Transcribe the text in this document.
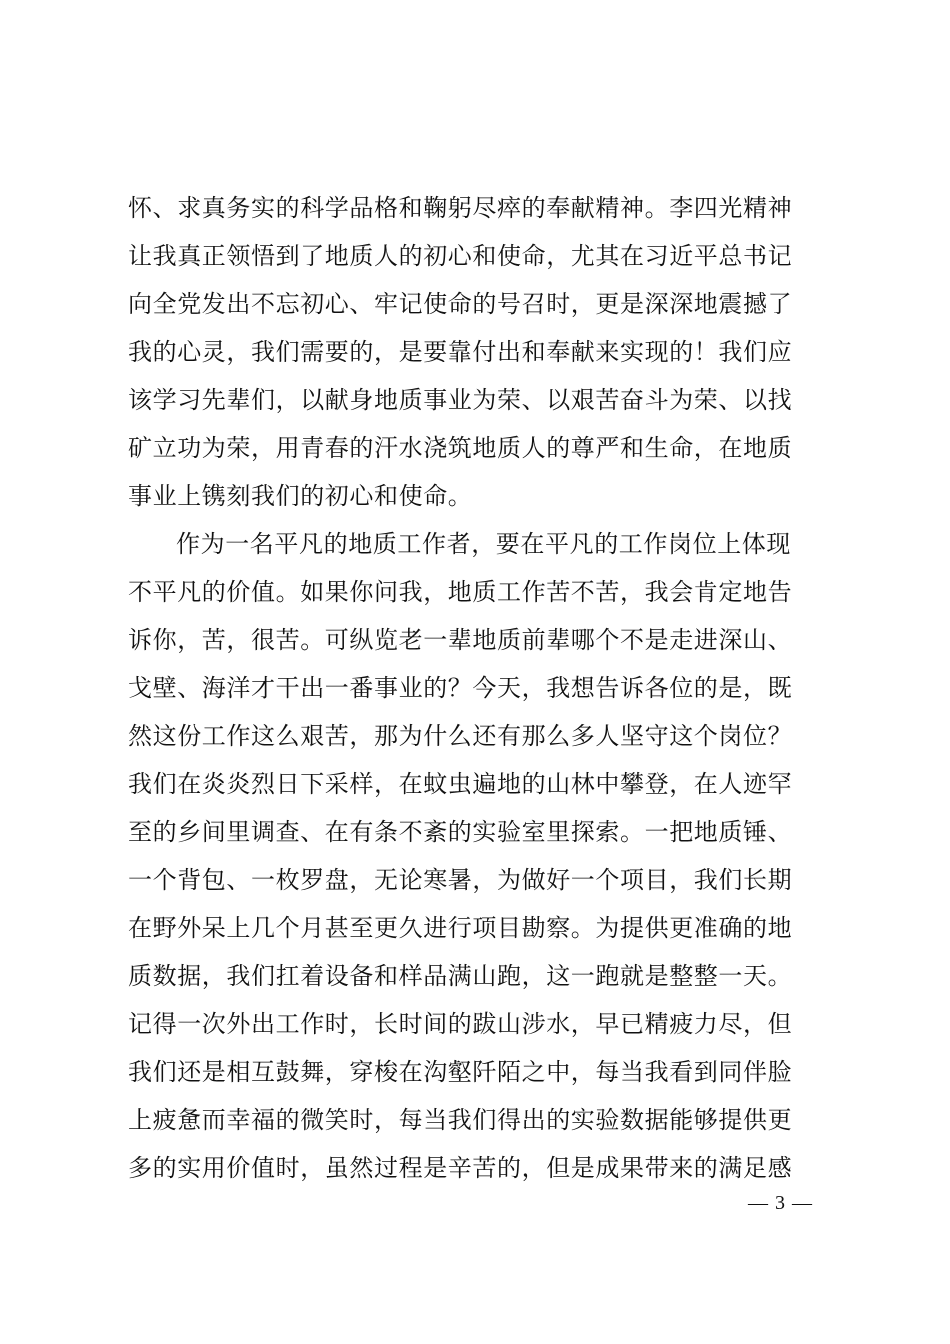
怀、求真务实的科学品格和鞠躬尽瘁的奉献精神。李四光精神
让我真正领悟到了地质人的初心和使命，尤其在习近平总书记
向全党发出不忘初心、牢记使命的号召时，更是深深地震撼了
我的心灵，我们需要的，是要靠付出和奉献来实现的！我们应
该学习先辈们，以献身地质事业为荣、以艰苦奋斗为荣、以找
矿立功为荣，用青春的汗水浇筑地质人的尊严和生命，在地质
事业上镌刻我们的初心和使命。
作为一名平凡的地质工作者，要在平凡的工作岗位上体现
不平凡的价值。如果你问我，地质工作苦不苦，我会肯定地告
诉你，苦，很苦。可纵览老一辈地质前辈哪个不是走进深山、
戈壁、海洋才干出一番事业的？今天，我想告诉各位的是，既
然这份工作这么艰苦，那为什么还有那么多人坚守这个岗位？
我们在炎炎烈日下采样，在蚊虫遍地的山林中攀登，在人迹罕
至的乡间里调查、在有条不紊的实验室里探索。一把地质锤、
一个背包、一枚罗盘，无论寒暑，为做好一个项目，我们长期
在野外呆上几个月甚至更久进行项目勘察。为提供更准确的地
质数据，我们扛着设备和样品满山跑，这一跑就是整整一天。
记得一次外出工作时，长时间的跋山涉水，早已精疲力尽，但
我们还是相互鼓舞，穿梭在沟壑阡陌之中，每当我看到同伴脸
上疲惫而幸福的微笑时，每当我们得出的实验数据能够提供更
多的实用价值时，虽然过程是辛苦的，但是成果带来的满足感
— 3 —
